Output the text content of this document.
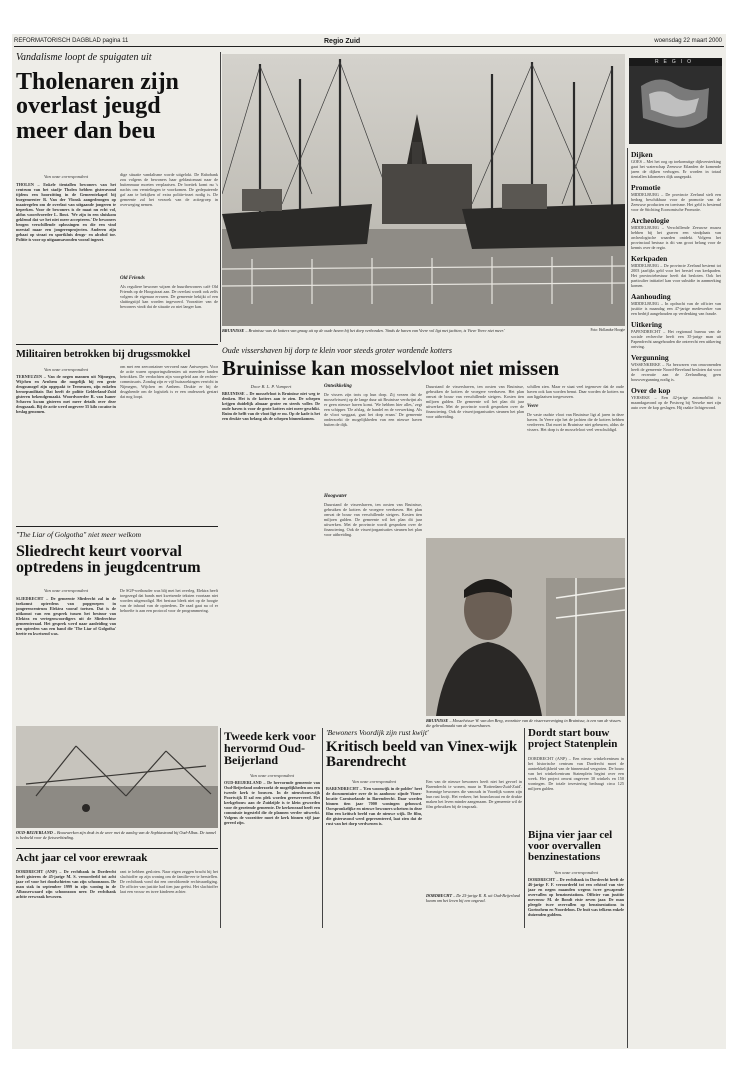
REFORMATORISCH DAGBLAD pagina 11	Regio Zuid	woensdag 22 maart 2000
Vandalisme loopt de spuigaten uit
Tholenaren zijn overlast jeugd meer dan beu
Van onze correspondent

THOLEN – Enkele tientallen bewoners van het centrum van het stadje Tholen hebben gisteravond tijdens een hoorzitting in de Gemeentekapel bij burgemeester R. Van der Vlonsk aangedrongen op maatregelen om de overlast van uitgaande jongeren te beperken. Voor de bewoners is de maat nu echt vol, aldus woordvoerder L. Bout. 'We zijn in een sluiskom geklemd dat we het niet meer accepteren.' De bewoners beogen verschillende oplossingen en die een vind meestal maar een jongerenprojecten. Anderen zijn gebaat op straat en sportkluis drugs- en alcohol toe. Politie is voor op uitgaansavonden vooral ingezet.

dige situatie vandalisme worde uitgelokt. De Rabobank zou volgens de bewoners haar geldautomaat naar de buitenmuur moeten verplaatsen. De boetiek komt nu 's nachts om vernielingen te voorkomen. De gedeputeerde gaf aan te bekijken of extra politie-inzet nodig is. De gemeente zal het verzoek van de actiegroep in overweging nemen.

Old Friends

Als reguliere bewoner wijzen de buurtbewoners café Old Friends op de Hoogstraat aan. De overlast wordt ook zelfs volgens de eigenaar ervaren. De gemeente bekijkt of een sluitingstijd kan worden ingevoerd. Voorzitter van de bewoners vindt dat de situatie zo niet langer kan.

BRUINISSE – Bruinisse was de kotters van graag uit op de oude haven bij het dorp verbonden. 'Sinds de haven van Veere vol ligt met jachten, is Vieve Veere niet meer.'	Foto: Hollandse Hoogte
REGIO
Dijken
GOES – Met het oog op toekomstige dijkversterking gaat het waterschap Zeeuwse Eilanden de komende jaren de dijken verhogen. Er worden in totaal tientallen kilometers dijk aangepakt.
Promotie
MIDDELBURG – De provincie Zeeland stelt een bedrag beschikbaar voor de promotie van de Zeeuwse producten en toerisme. Het geld is bestemd voor de Stichting Economische Promotie.
Archeologie
MIDDELBURG – Verschillende Zeeuwse musea hebben bij het graven een vindplaats van archeologische waarden ontdekt. Volgens het provinciaal bestuur is dit van groot belang voor de kennis over de regio.
Kerkpaden
MIDDELBURG – De provincie Zeeland bestemt tot 2003 jaarlijks geld voor het herstel van kerkpaden. Het provinciebestuur heeft dat besloten. Ook het particulier initiatief kan voor subsidie in aanmerking komen.
Aanhouding
MIDDELBURG – In opdracht van de officier van justitie is maandag een 47-jarige medewerker van een bedrijf aangehouden op verdenking van fraude.
Uitkering
PAPENDRECHT – Het regionaal bureau van de sociale recherche heeft een 35-jarige man uit Papendrecht aangehouden die onterecht een uitkering ontving.
Vergunning
WISSENKERKE – Na bezwaren van omwonenden heeft de gemeente Noord-Beveland besloten dat voor de recreatie aan de Zeelandbrug geen bouwvergunning nodig is.
Over de kop
YERSEKE – Een 42-jarige automobilist is maandagavond op de Postweg bij Yerseke met zijn auto over de kop geslagen. Hij raakte lichtgewond.
Oude vissershaven bij dorp te klein voor steeds groter wordende kotters
Bruinisse kan mosselvloot niet missen
Door B. L. P. Vumpert

BRUINISSE – De mosselvloot is Bruinisse niet weg te denken. Het is de kotters aan te zien. De schepen krijgen duidelijk almaar groter en steeds voller. De oude haven is voor de grote kotters niet meer geschikt. Ruim de helft van de vloot ligt er nu. Op de kade is het een drukte van belang als de schepen binnenkomen.

Ontwikkeling

De vissers zijn trots op hun dorp. Zij vrezen dat de mosselvisserij op de lange duur uit Bruinisse verdwijnt als er geen nieuwe haven komt. 'We hebben hier alles,' zegt een schipper. 'De afslag, de handel en de verwerking. Als de vloot weggaat, gaat het dorp eraan.' De gemeente onderzoekt de mogelijkheden van een nieuwe haven buiten de dijk.

Hoogwater

Duurstand de vissershaven, ten oosten van Bruinisse, gebruiken de kotters de vroegere veerhaven. Het plan omvat de bouw van verschillende steigers. Kosten tien miljoen gulden. De gemeente wil het plan dit jaar uitwerken. Met de provincie wordt gesproken over de financiering. Ook de visserijorganisaties steunen het plan voor uitbreiding.

Duurstand de vissershaven, ten oosten van Bruinisse, gebruiken de kotters de vroegere veerhaven. Het plan omvat de bouw van verschillende steigers. Kosten tien miljoen gulden. De gemeente wil het plan dit jaar uitwerken. Met de provincie wordt gesproken over de financiering. Ook de visserijorganisaties steunen het plan voor uitbreiding.

schillen zien. Maar er staat veel tegenover dat de oude haven ook kan worden benut. Daar worden de kotters nu aan ligplaatsen toegewezen.

Veere

De vaste oudste vloot van Bruinisse ligt al jaren in deze haven. In Veere zijn het de jachten die de kotters hebben verdreven. Dat moet in Bruinisse niet gebeuren, aldus de vissers. Het dorp is de mosselvloot veel verschuldigd.

BRUINISSE – Mosselvisser W. van den Berg, voorzitter van de vissersvereniging in Bruinisse, is een van de vissers die gebruikmaakt van de vissershaven.
Militairen betrokken bij drugssmokkel
Van onze correspondent

TERNEUZEN – Van de negen mannen uit Nijmegen, Wijchen en Arnhem die mogelijk bij een grote drugssmogel zijn opgepakt te Terneuzen, zijn enkelen beroepsmilitair. Dat heeft de politie Gelderland-Zuid gisteren bekendgemaakt. Woordvoerder R. van Isaner Schaven kwam gisteren met meer details over deze drugszaak. Bij de actie werd ongeveer 55 kilo cocaïne in beslag genomen.

om met een zeecontainer vervoerd naar Antwerpen. Voor de actie waren opsporingsdiensten uit meerdere landen betrokken. De verdachten zijn voorgeleid aan de rechter-commissaris. Zondag zijn er vijf huiszoekingen verricht in Nijmegen, Wijchen en Arnhem. Drukte er bij de drugsbende om de logistiek is er een onderzoek gestart dat nog loopt.

"The Liar of Golgotha" niet meer welkom
Sliedrecht keurt voorval optredens in jeugdcentrum
Van onze correspondent

SLIEDRECHT – De gemeente Sliedrecht zal in de toekomst optredens van popgroepen in jongerencentrum Elektra vooraf toetsen. Dat is de uitkomst van een gesprek tussen het bestuur van Elektra en vertegenwoordigers uit de Sliedrechtse gemeenteraad. Het gesprek werd naar aanleiding van een optreden van een band die 'The Liar of Golgotha' heette en kwetsend was.

De SGP-wethouder was blij met het overleg. Elektra heeft toegezegd dat bands met kwetsende teksten voortaan niet worden uitgenodigd. Het bestuur bleek niet op de hoogte van de inhoud van de optredens. De raad gaat na of er behoefte is aan een protocol voor de programmering.

OUD-BEIJERLAND – Bouwwerken zijn druk in de weer met de aanleg van de Sophiastrand bij Oud-Albas. De tunnel is bedoeld voor de fietsverbinding.
Acht jaar cel voor erewraak

DORDRECHT (ANP) – De rechtbank in Dordrecht heeft gisteren de 45-jarige M. S. veroordeeld tot acht jaar cel voor het doodschieten van zijn schoonzoon. De man stak in september 1999 in zijn woning in de Albasserwaard zijn schoonzoon neer. De rechtbank achtte erewraak bewezen.

rant te hebben gesloten. Naar eigen zeggen bracht hij het slachtoffer op zijn woning om de familie-eer te herstellen. De rechtbank vond dat een onvoldoende rechtvaardiging. De officier van justitie had tien jaar geëist. Het slachtoffer laat een vrouw en twee kinderen achter.

Tweede kerk voor hervormd Oud-Beijerland
Van onze correspondent

OUD-BEIJERLAND – De hervormde gemeente van Oud-Beijerland onderzoekt de mogelijkheden om een tweede kerk te bouwen. In de nieuwbouwwijk Poortwijk II zal een plek worden gereserveerd. Het kerkgebouw aan de Zuidzijde is te klein geworden voor de groeiende gemeente. De kerkenraad heeft een commissie ingesteld die de plannen verder uitwerkt. Volgens de voorzitter moet de kerk binnen vijf jaar gereed zijn.

'Bewoners Voordijk zijn rust kwijt'
Kritisch beeld van Vinex-wijk Barendrecht
Van onze correspondent

BARENDRECHT – 'Een woonwijk in de polder' heet de documentaire over de in aanbouw zijnde Vinex-locatie Carnisselande in Barendrecht. Daar worden binnen tien jaar 7000 woningen gebouwd. Oorspronkelijke en nieuwe bewoners schetsen in deze film een kritisch beeld van de nieuwe wijk. De film, die gisteravond werd gepresenteerd, laat zien dat de rust van het dorp verdwenen is.

Een van de nieuwe bewoners heeft niet het gevoel in Barendrecht te wonen, maar in 'Rotterdam-Zuid-Zuid'. Sommige bewoners die vanouds in Voordijk wonen zijn hun rust kwijt. Het verkeer, het bouwlawaai en de drukte maken het leven minder aangenaam. De gemeente wil de film gebruiken bij de inspraak.

DORDRECHT – De 25-jarige R. R. uit Oud-Beijerland kwam om het leven bij een ongeval.
Dordt start bouw project Statenplein

DORDRECHT (ANP) – Een nieuw winkelcentrum in het historische centrum van Dordrecht moet de aantrekkelijkheid van de binnenstad vergroten. De bouw van het winkelcentrum Statenplein begint over een week. Het project omvat ongeveer 30 winkels en 150 woningen. De totale investering bedraagt circa 125 miljoen gulden.

Bijna vier jaar cel voor overvallen benzinestations
Van onze correspondent

DORDRECHT – De rechtbank in Dordrecht heeft de 46-jarige F. F. veroordeeld tot een celstraf van vier jaar en negen maanden wegens twee gewapende overvallen op benzinestations. Officier van justitie mevrouw M. de Bondt eiste zeven jaar. De man pleegde twee overvallen op benzinestations in Gorinchem en Noordeloos. De buit was telkens enkele duizenden guldens.
